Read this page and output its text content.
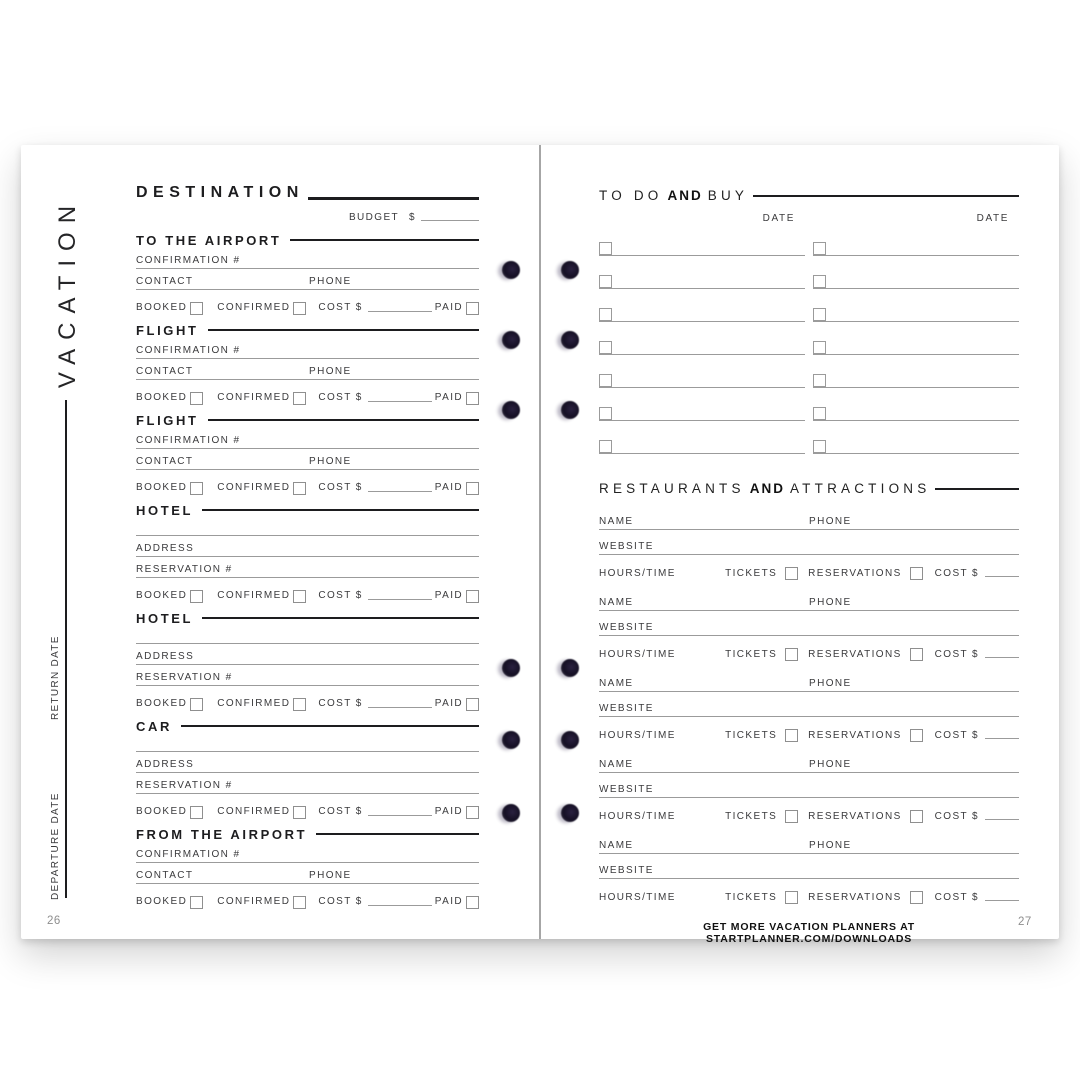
VACATION
RETURN DATE
DEPARTURE DATE
26
DESTINATION
BUDGET $
TO THE AIRPORT
CONFIRMATION #
CONTACT	PHONE
BOOKED	CONFIRMED	COST $	PAID
FLIGHT
CONFIRMATION #
CONTACT	PHONE
BOOKED	CONFIRMED	COST $	PAID
FLIGHT
CONFIRMATION #
CONTACT	PHONE
BOOKED	CONFIRMED	COST $	PAID
HOTEL
ADDRESS
RESERVATION #
BOOKED	CONFIRMED	COST $	PAID
HOTEL
ADDRESS
RESERVATION #
BOOKED	CONFIRMED	COST $	PAID
CAR
ADDRESS
RESERVATION #
BOOKED	CONFIRMED	COST $	PAID
FROM THE AIRPORT
CONFIRMATION #
CONTACT	PHONE
BOOKED	CONFIRMED	COST $	PAID
TO DO AND BUY
DATE	DATE
RESTAURANTS AND ATTRACTIONS
NAME	PHONE
WEBSITE
HOURS/TIME	TICKETS	RESERVATIONS	COST $
NAME	PHONE
WEBSITE
HOURS/TIME	TICKETS	RESERVATIONS	COST $
NAME	PHONE
WEBSITE
HOURS/TIME	TICKETS	RESERVATIONS	COST $
NAME	PHONE
WEBSITE
HOURS/TIME	TICKETS	RESERVATIONS	COST $
NAME	PHONE
WEBSITE
HOURS/TIME	TICKETS	RESERVATIONS	COST $
GET MORE VACATION PLANNERS AT STARTPLANNER.COM/DOWNLOADS
27
